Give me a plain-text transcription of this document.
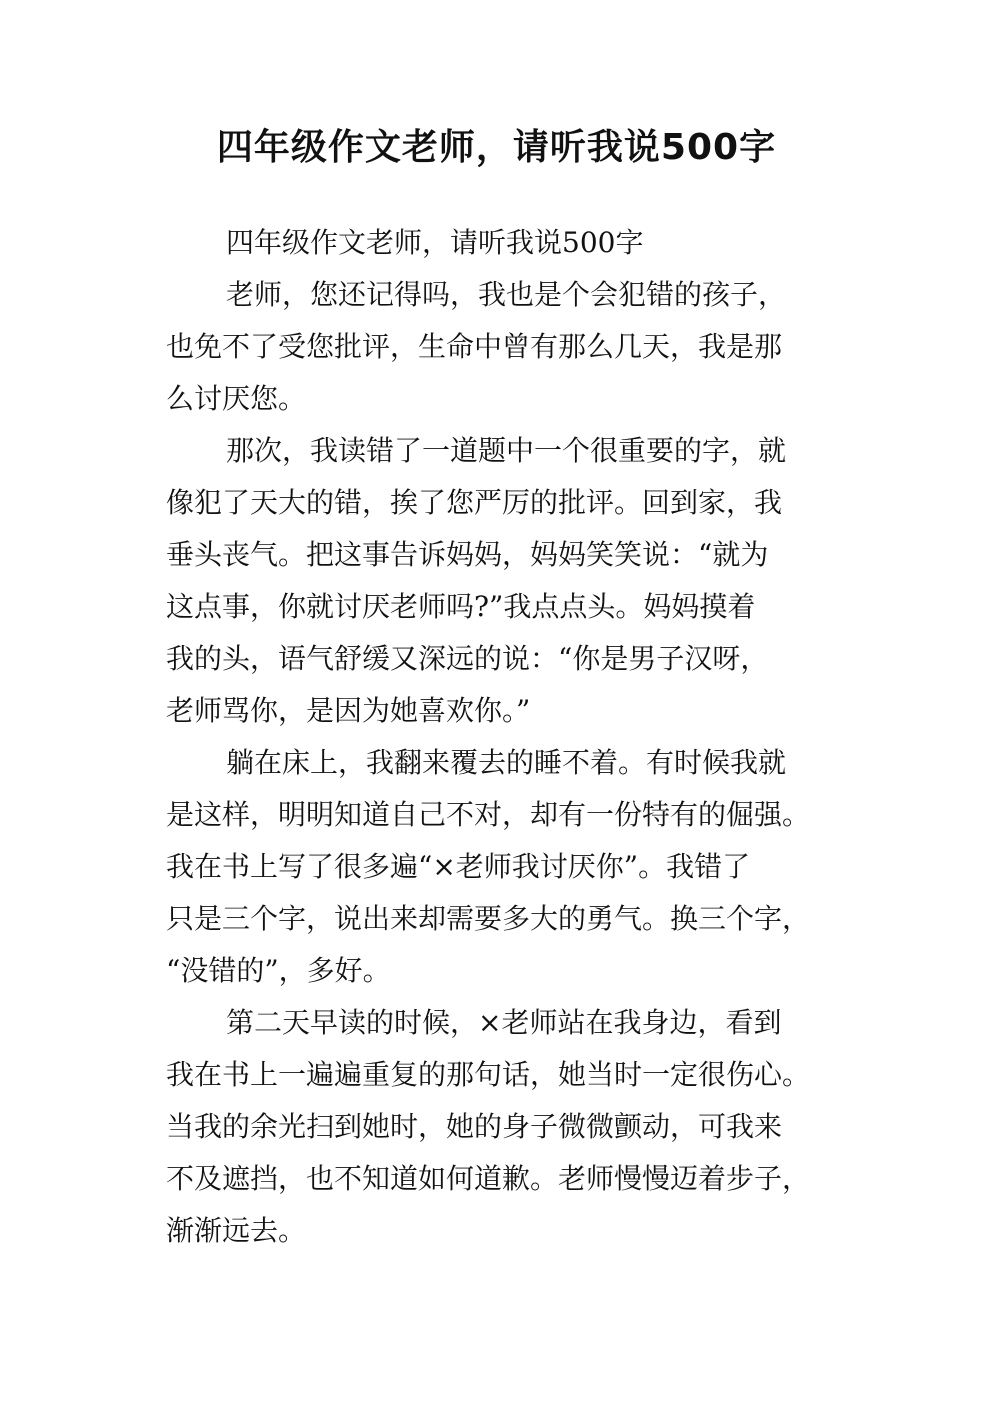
四年级作文老师，请听我说500字
四年级作文老师，请听我说500字
老师，您还记得吗，我也是个会犯错的孩子，
也免不了受您批评，生命中曾有那么几天，我是那
么讨厌您。
那次，我读错了一道题中一个很重要的字，就
像犯了天大的错，挨了您严厉的批评。回到家，我
垂头丧气。把这事告诉妈妈，妈妈笑笑说：“就为
这点事，你就讨厌老师吗?”我点点头。妈妈摸着
我的头，语气舒缓又深远的说：“你是男子汉呀，
老师骂你，是因为她喜欢你。”
躺在床上，我翻来覆去的睡不着。有时候我就
是这样，明明知道自己不对，却有一份特有的倔强。
我在书上写了很多遍“×老师我讨厌你”。我错了
只是三个字，说出来却需要多大的勇气。换三个字，
“没错的”，多好。
第二天早读的时候，×老师站在我身边，看到
我在书上一遍遍重复的那句话，她当时一定很伤心。
当我的余光扫到她时，她的身子微微颤动，可我来
不及遮挡，也不知道如何道歉。老师慢慢迈着步子，
渐渐远去。
